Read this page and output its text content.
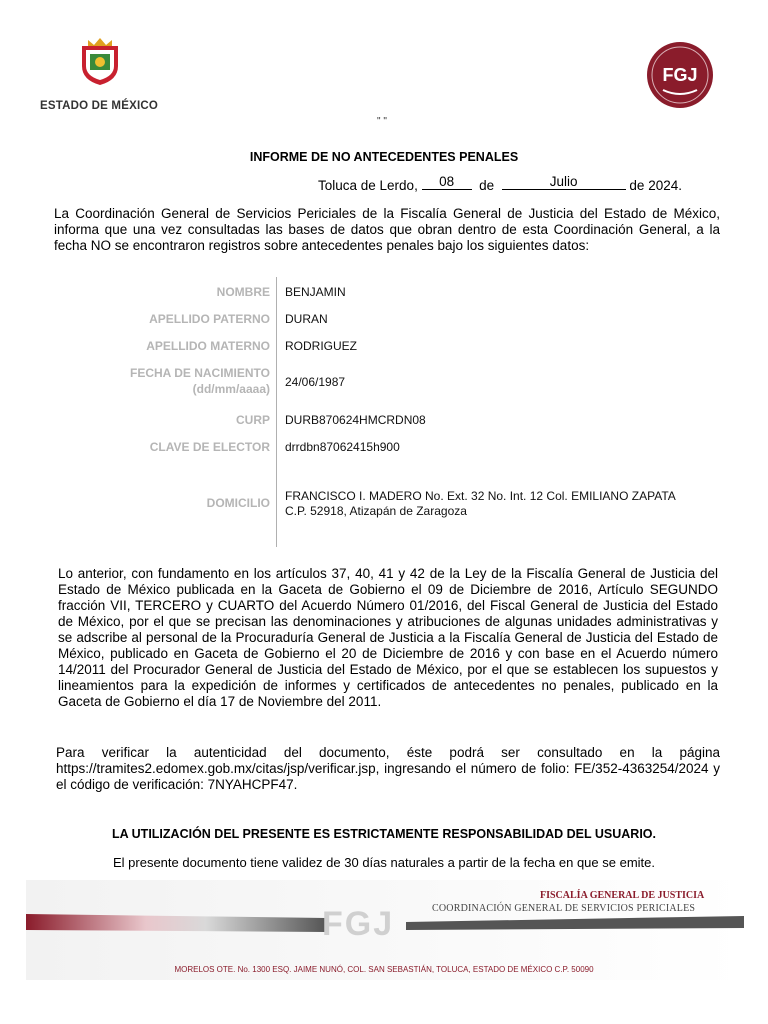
ESTADO DE MÉXICO
FGJ
" "
INFORME DE NO ANTECEDENTES PENALES
Toluca de Lerdo, 08 de	Julio	de 2024.
La Coordinación General de Servicios Periciales de la Fiscalía General de Justicia del Estado de México, informa que una vez consultadas las bases de datos que obran dentro de esta Coordinación General, a la fecha NO se encontraron registros sobre antecedentes penales bajo los siguientes datos:
NOMBRE BENJAMIN
APELLIDO PATERNO DURAN
APELLIDO MATERNO RODRIGUEZ
FECHA DE NACIMIENTO
(dd/mm/aaaa) 24/06/1987
CURP DURB870624HMCRDN08
CLAVE DE ELECTOR drrdbn87062415h900
DOMICILIO FRANCISCO I. MADERO No. Ext. 32 No. Int. 12 Col. EMILIANO ZAPATA
C.P. 52918, Atizapán de Zaragoza
Lo anterior, con fundamento en los artículos 37, 40, 41 y 42 de la Ley de la Fiscalía General de Justicia del Estado de México publicada en la Gaceta de Gobierno el 09 de Diciembre de 2016, Artículo SEGUNDO fracción VII, TERCERO y CUARTO del Acuerdo Número 01/2016, del Fiscal General de Justicia del Estado de México, por el que se precisan las denominaciones y atribuciones de algunas unidades administrativas y se adscribe al personal de la Procuraduría General de Justicia a la Fiscalía General de Justicia del Estado de México, publicado en Gaceta de Gobierno el 20 de Diciembre de 2016 y con base en el Acuerdo número 14/2011 del Procurador General de Justicia del Estado de México, por el que se establecen los supuestos y lineamientos para la expedición de informes y certificados de antecedentes no penales, publicado en la Gaceta de Gobierno el día 17 de Noviembre del 2011.
Para verificar la autenticidad del documento, éste podrá ser consultado en la página https://tramites2.edomex.gob.mx/citas/jsp/verificar.jsp, ingresando el número de folio: FE/352-4363254/2024 y el código de verificación: 7NYAHCPF47.
LA UTILIZACIÓN DEL PRESENTE ES ESTRICTAMENTE RESPONSABILIDAD DEL USUARIO.
El presente documento tiene validez de 30 días naturales a partir de la fecha en que se emite.
FGJ
FISCALÍA GENERAL DE JUSTICIA
COORDINACIÓN GENERAL DE SERVICIOS PERICIALES
MORELOS OTE. No. 1300 ESQ. JAIME NUNÓ, COL. SAN SEBASTIÁN, TOLUCA, ESTADO DE MÉXICO C.P. 50090
